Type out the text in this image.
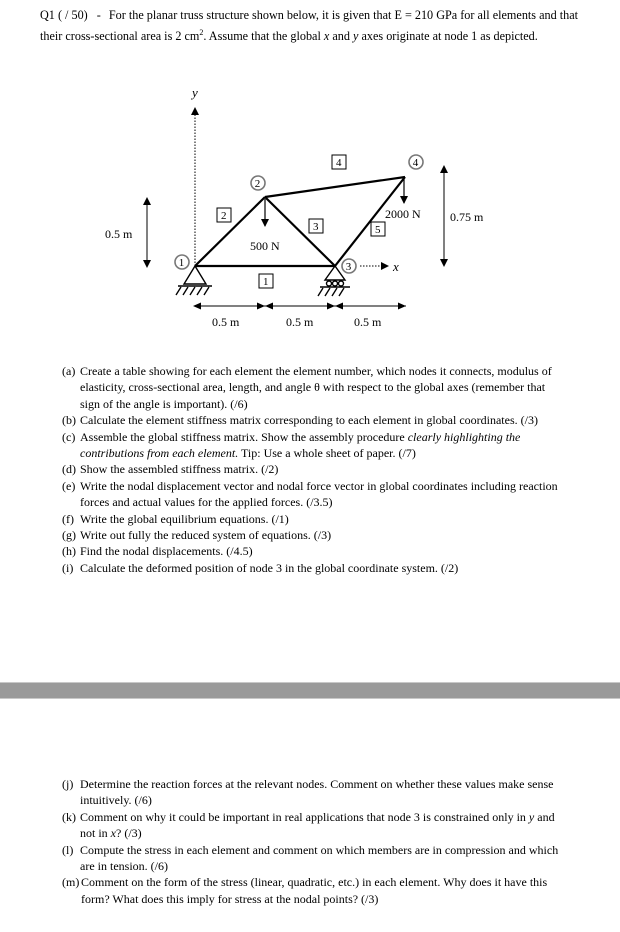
Q1 ( / 50) - For the planar truss structure shown below, it is given that E = 210 GPa for all elements and that their cross-sectional area is 2 $cm^2$. Assume that the global x and y axes originate at node 1 as depicted.
y
x
1
2
3
4
1
2
3
4
5
500 N
2000 N
0.5 m
0.75 m
0.5 m	0.5 m	0.5 m

(a) Create a table showing for each element the element number, which nodes it connects, modulus of elasticity, cross-sectional area, length, and angle θ with respect to the global axes (remember that sign of the angle is important). (/6)

(b) Calculate the element stiffness matrix corresponding to each element in global coordinates. (/3)

(c) Assemble the global stiffness matrix. Show the assembly procedure clearly highlighting the contributions from each element. Tip: Use a whole sheet of paper. (/7)

(d) Show the assembled stiffness matrix. (/2)

(e) Write the nodal displacement vector and nodal force vector in global coordinates including reaction forces and actual values for the applied forces. (/3.5)

(f) Write the global equilibrium equations. (/1)

(g) Write out fully the reduced system of equations. (/3)

(h) Find the nodal displacements. (/4.5)

(i) Calculate the deformed position of node 3 in the global coordinate system. (/2)

(j) Determine the reaction forces at the relevant nodes. Comment on whether these values make sense intuitively. (/6)

(k) Comment on why it could be important in real applications that node 3 is constrained only in y and not in x? (/3)

(l) Compute the stress in each element and comment on which members are in compression and which are in tension. (/6)

(m) Comment on the form of the stress (linear, quadratic, etc.) in each element. Why does it have this form? What does this imply for stress at the nodal points? (/3)
